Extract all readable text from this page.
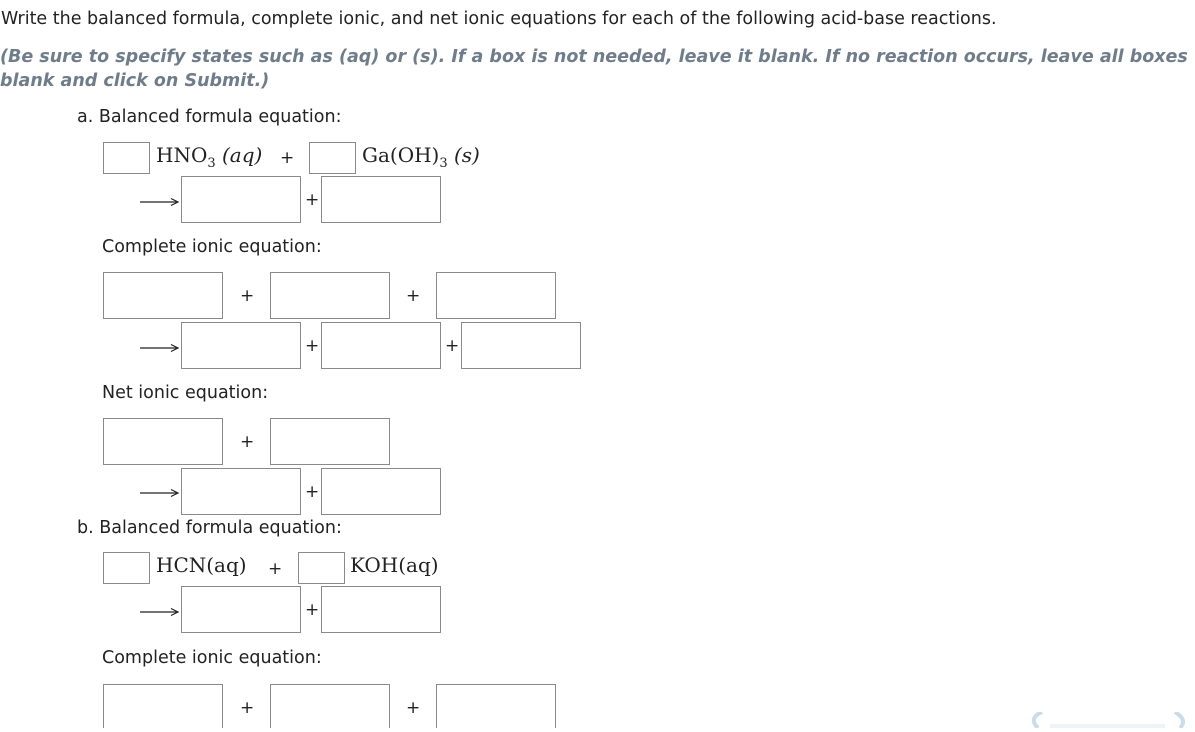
Write the balanced formula, complete ionic, and net ionic equations for each of the following acid-base reactions.
(Be sure to specify states such as (aq) or (s). If a box is not needed, leave it blank. If no reaction occurs, leave all boxes blank and click on Submit.)
a. Balanced formula equation:
$HNO_3$ (aq) +	$Ga(OH)_3$ (s)
+
Complete ionic equation:
+	+
+	+
Net ionic equation:
+
+
b. Balanced formula equation:
HCN(aq) +	KOH(aq)
+
Complete ionic equation:
+	+
